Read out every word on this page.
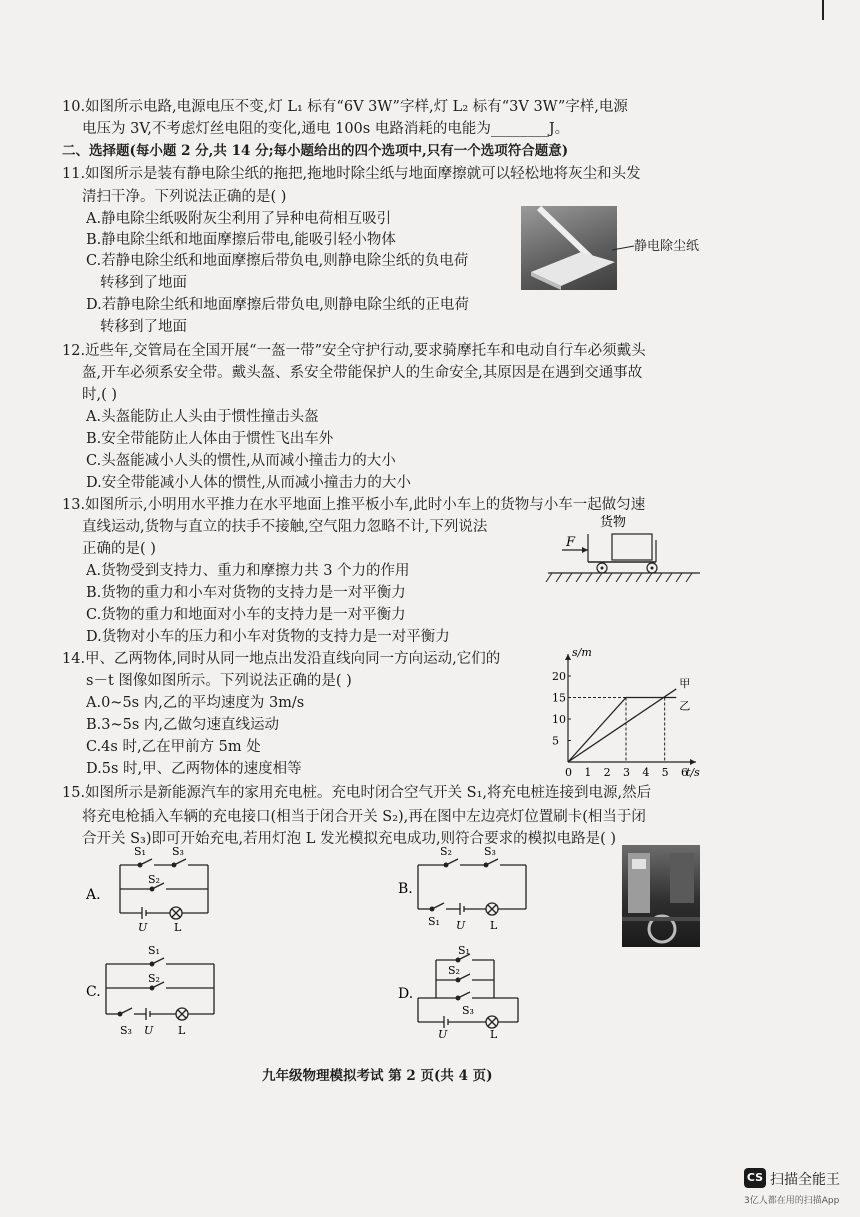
10.如图所示电路,电源电压不变,灯 L₁ 标有“6V 3W”字样,灯 L₂ 标有“3V 3W”字样,电源
电压为 3V,不考虑灯丝电阻的变化,通电 100s 电路消耗的电能为________J。
二、选择题(每小题 2 分,共 14 分;每小题给出的四个选项中,只有一个选项符合题意)
11.如图所示是装有静电除尘纸的拖把,拖地时除尘纸与地面摩擦就可以轻松地将灰尘和头发
清扫干净。下列说法正确的是( )
A.静电除尘纸吸附灰尘利用了异种电荷相互吸引
B.静电除尘纸和地面摩擦后带电,能吸引轻小物体
C.若静电除尘纸和地面摩擦后带负电,则静电除尘纸的负电荷
转移到了地面
D.若静电除尘纸和地面摩擦后带负电,则静电除尘纸的正电荷
转移到了地面
静电除尘纸
12.近些年,交管局在全国开展“一盔一带”安全守护行动,要求骑摩托车和电动自行车必须戴头
盔,开车必须系安全带。戴头盔、系安全带能保护人的生命安全,其原因是在遇到交通事故
时,( )
A.头盔能防止人头由于惯性撞击头盔
B.安全带能防止人体由于惯性飞出车外
C.头盔能减小人头的惯性,从而减小撞击力的大小
D.安全带能减小人体的惯性,从而减小撞击力的大小
13.如图所示,小明用水平推力在水平地面上推平板小车,此时小车上的货物与小车一起做匀速
直线运动,货物与直立的扶手不接触,空气阻力忽略不计,下列说法
正确的是( )
A.货物受到支持力、重力和摩擦力共 3 个力的作用
B.货物的重力和小车对货物的支持力是一对平衡力
C.货物的重力和地面对小车的支持力是一对平衡力
D.货物对小车的压力和小车对货物的支持力是一对平衡力
货物
F
14.甲、乙两物体,同时从同一地点出发沿直线向同一方向运动,它们的
s－t 图像如图所示。下列说法正确的是( )
A.0~5s 内,乙的平均速度为 3m/s
B.3~5s 内,乙做匀速直线运动
C.4s 时,乙在甲前方 5m 处
D.5s 时,甲、乙两物体的速度相等
s/m
t/s
0 1 2 3 4 5 6
5
10
15
20
甲
乙
15.如图所示是新能源汽车的家用充电桩。充电时闭合空气开关 S₁,将充电桩连接到电源,然后
将充电枪插入车辆的充电接口(相当于闭合开关 S₂),再在图中左边亮灯位置刷卡(相当于闭
合开关 S₃)即可开始充电,若用灯泡 L 发光模拟充电成功,则符合要求的模拟电路是( )
A.
S₁ S₃
S₂
U L
B.
S₂	S₃
S₁ U L
C.
S₁
S₂
S₃ U L
D.
S₁
S₂
S₃
U	L
九年级物理模拟考试 第 2 页(共 4 页)
CS 扫描全能王
3亿人都在用的扫描App
